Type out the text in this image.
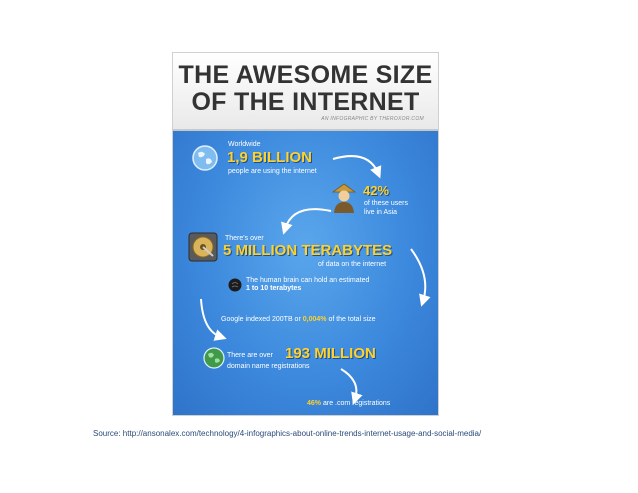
THE AWESOME SIZE
OF THE INTERNET
AN INFOGRAPHIC BY THEROXOR.COM
Worldwide
1,9 BILLION
people are using the internet
42%
of these users
live in Asia
There's over
5 MILLION TERABYTES
of data on the internet
The human brain can hold an estimated
1 to 10 terabytes
Google indexed 200TB or 0,004% of the total size
There are over 193 MILLION
domain name registrations
46% are .com registrations
Source: http://ansonalex.com/technology/4-infographics-about-online-trends-internet-usage-and-social-media/
